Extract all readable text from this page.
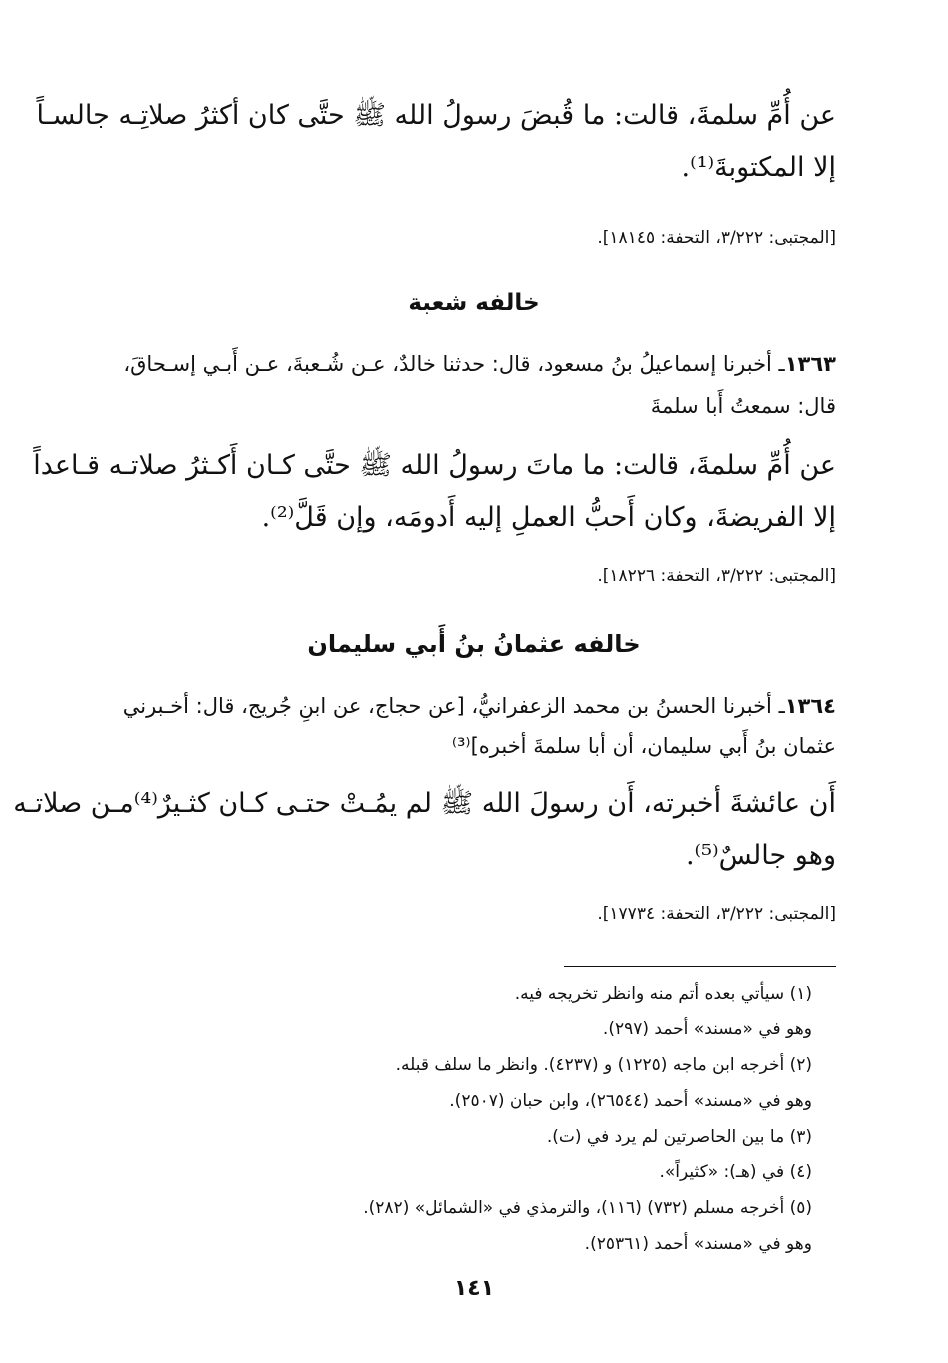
عن أُمِّ سلمةَ، قالت: ما قُبضَ رسولُ الله ﷺ حتَّى كان أكثرُ صلاتِـه جالسـاً
إلا المكتوبةَ⁽¹⁾.
[المجتبى: ٣/٢٢٢، التحفة: ١٨١٤٥].
خالفه شعبة
١٣٦٣ـ أخبرنا إسماعيلُ بنُ مسعود، قال: حدثنا خالدٌ، عـن شُـعبةَ، عـن أَبـي إسـحاقَ،
قال: سمعتُ أَبا سلمةَ
عن أُمِّ سلمةَ، قالت: ما ماتَ رسولُ الله ﷺ حتَّى كـان أَكـثرُ صلاتـه قـاعداً
إلا الفريضةَ، وكان أَحبُّ العملِ إليه أَدومَه، وإن قَلَّ⁽²⁾.
[المجتبى: ٣/٢٢٢، التحفة: ١٨٢٢٦].
خالفه عثمانُ بنُ أَبي سليمان
١٣٦٤ـ أخبرنا الحسنُ بن محمد الزعفرانيُّ، [عن حجاج، عن ابنِ جُريج، قال: أخـبرني
عثمان بنُ أَبي سليمان، أن أبا سلمةَ أخبره]⁽³⁾
أَن عائشةَ أخبرته، أَن رسولَ الله ﷺ لم يمُـتْ حتـى كـان كثـيرٌ⁽⁴⁾مـن صلاتـه
وهو جالسٌ⁽⁵⁾.
[المجتبى: ٣/٢٢٢، التحفة: ١٧٧٣٤].
(١) سيأتي بعده أتم منه وانظر تخريجه فيه.
وهو في «مسند» أحمد (٢٩٧).
(٢) أخرجه ابن ماجه (١٢٢٥) و (٤٢٣٧). وانظر ما سلف قبله.
وهو في «مسند» أحمد (٢٦٥٤٤)، وابن حبان (٢٥٠٧).
(٣) ما بين الحاصرتين لم يرد في (ت).
(٤) في (هـ): «كثيراً».
(٥) أخرجه مسلم (٧٣٢) (١١٦)، والترمذي في «الشمائل» (٢٨٢).
وهو في «مسند» أحمد (٢٥٣٦١).
١٤١
